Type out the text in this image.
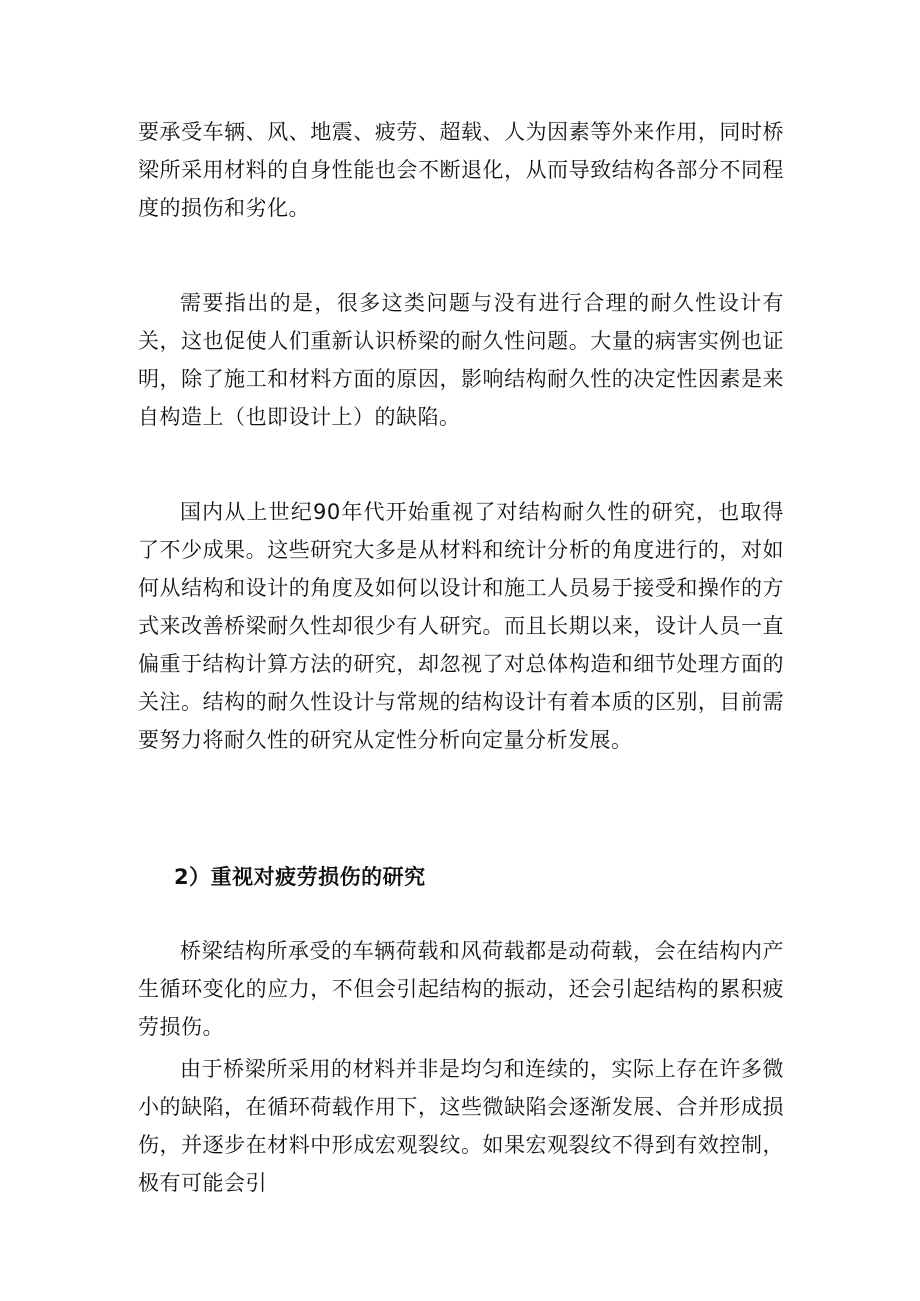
要承受车辆、风、地震、疲劳、超载、人为因素等外来作用，同时桥梁所采用材料的自身性能也会不断退化，从而导致结构各部分不同程度的损伤和劣化。

需要指出的是，很多这类问题与没有进行合理的耐久性设计有关，这也促使人们重新认识桥梁的耐久性问题。大量的病害实例也证明，除了施工和材料方面的原因，影响结构耐久性的决定性因素是来自构造上（也即设计上）的缺陷。

国内从上世纪90年代开始重视了对结构耐久性的研究，也取得了不少成果。这些研究大多是从材料和统计分析的角度进行的，对如何从结构和设计的角度及如何以设计和施工人员易于接受和操作的方式来改善桥梁耐久性却很少有人研究。而且长期以来，设计人员一直偏重于结构计算方法的研究，却忽视了对总体构造和细节处理方面的关注。结构的耐久性设计与常规的结构设计有着本质的区别，目前需要努力将耐久性的研究从定性分析向定量分析发展。

2）重视对疲劳损伤的研究

桥梁结构所承受的车辆荷载和风荷载都是动荷载，会在结构内产生循环变化的应力，不但会引起结构的振动，还会引起结构的累积疲劳损伤。

由于桥梁所采用的材料并非是均匀和连续的，实际上存在许多微小的缺陷，在循环荷载作用下，这些微缺陷会逐渐发展、合并形成损伤，并逐步在材料中形成宏观裂纹。如果宏观裂纹不得到有效控制，极有可能会引
